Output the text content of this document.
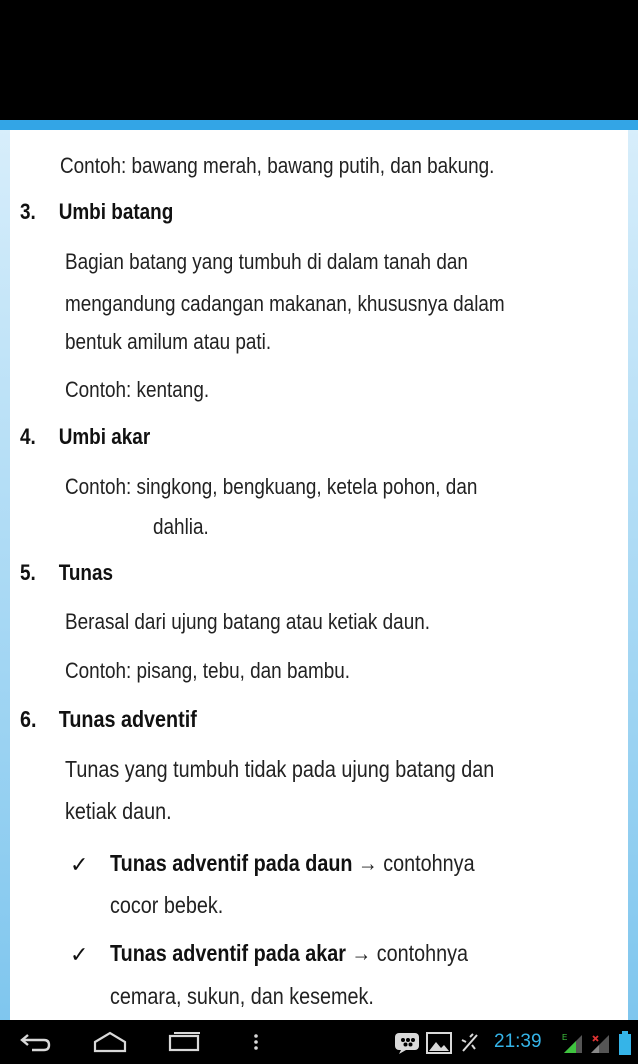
Contoh: bawang merah, bawang putih, dan bakung.

3. Umbi batang

Bagian batang yang tumbuh di dalam tanah dan

mengandung cadangan makanan, khususnya dalam

bentuk amilum atau pati.

Contoh: kentang.

4. Umbi akar

Contoh: singkong, bengkuang, ketela pohon, dan

dahlia.

5. Tunas

Berasal dari ujung batang atau ketiak daun.

Contoh: pisang, tebu, dan bambu.

6. Tunas adventif

Tunas yang tumbuh tidak pada ujung batang dan

ketiak daun.

✓ Tunas adventif pada daun → contohnya

cocor bebek.

✓ Tunas adventif pada akar → contohnya

cemara, sukun, dan kesemek.

21:39	E
